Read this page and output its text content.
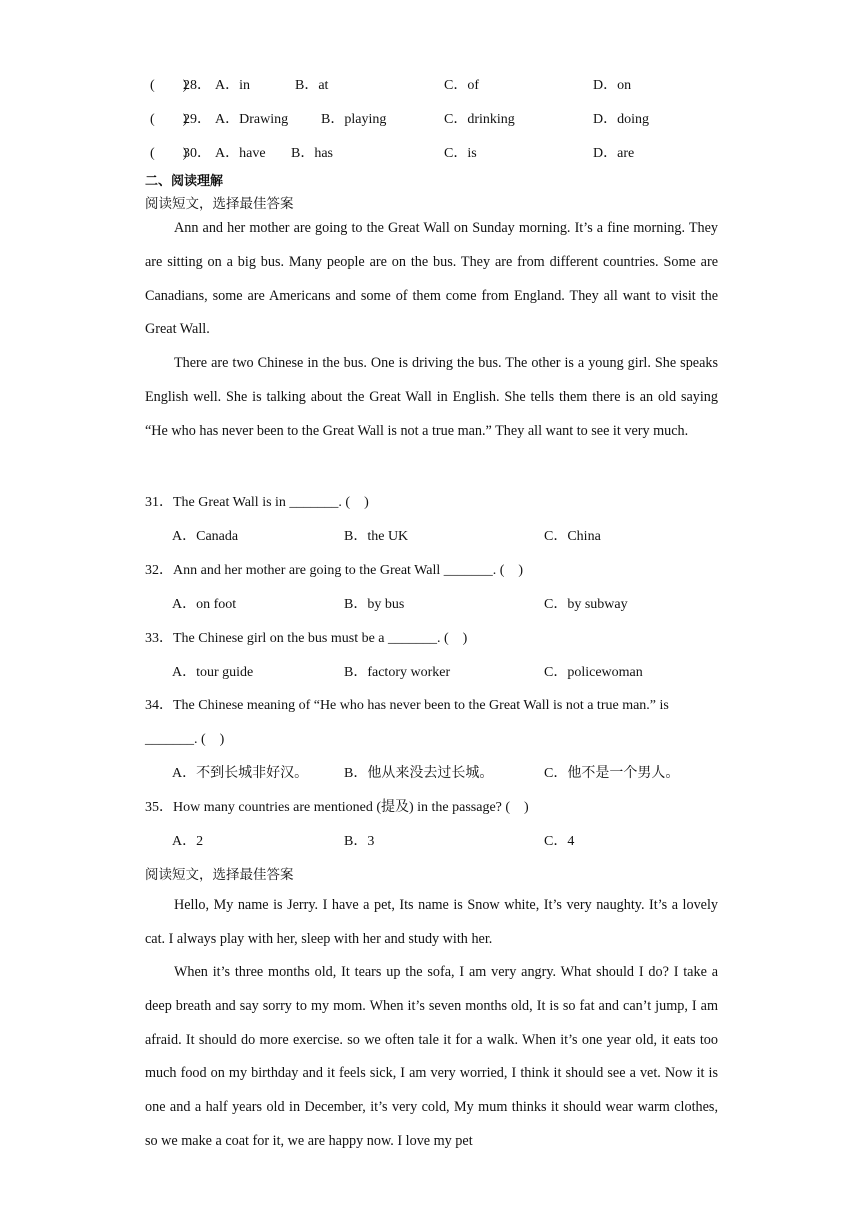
(　　)
28． A．in	B．at	C．of	D．on
(　　)
29． A．Drawing B．playing	C．drinking	D．doing
(　　)
30． A．have B．has	C．is	D．are
二、阅读理解
阅读短文，选择最佳答案
Ann and her mother are going to the Great Wall on Sunday morning. It’s a fine morning. They are sitting on a big bus. Many people are on the bus. They are from different countries. Some are Canadians, some are Americans and some of them come from England. They all want to visit the Great Wall.
There are two Chinese in the bus. One is driving the bus. The other is a young girl. She speaks English well. She is talking about the Great Wall in English. She tells them there is an old saying “He who has never been to the Great Wall is not a true man.” They all want to see it very much.
31．The Great Wall is in _______. (　)
A．Canada	B．the UK	C．China
32．Ann and her mother are going to the Great Wall _______. (　)
A．on foot	B．by bus	C．by subway
33．The Chinese girl on the bus must be a _______. (　)
A．tour guide	B．factory worker	C．policewoman
34．The Chinese meaning of “He who has never been to the Great Wall is not a true man.” is
_______. (　)
A．不到长城非好汉。	B．他从来没去过长城。	C．他不是一个男人。
35．How many countries are mentioned (提及) in the passage? (　)
A．2	B．3	C．4
阅读短文，选择最佳答案
Hello, My name is Jerry. I have a pet, Its name is Snow white, It’s very naughty. It’s a lovely cat. I always play with her, sleep with her and study with her.
When it’s three months old, It tears up the sofa, I am very angry. What should I do? I take a deep breath and say sorry to my mom. When it’s seven months old, It is so fat and can’t jump, I am afraid. It should do more exercise. so we often tale it for a walk. When it’s one year old, it eats too much food on my birthday and it feels sick, I am very worried, I think it should see a vet. Now it is one and a half years old in December, it’s very cold, My mum thinks it should wear warm clothes, so we make a coat for it, we are happy now. I love my pet
